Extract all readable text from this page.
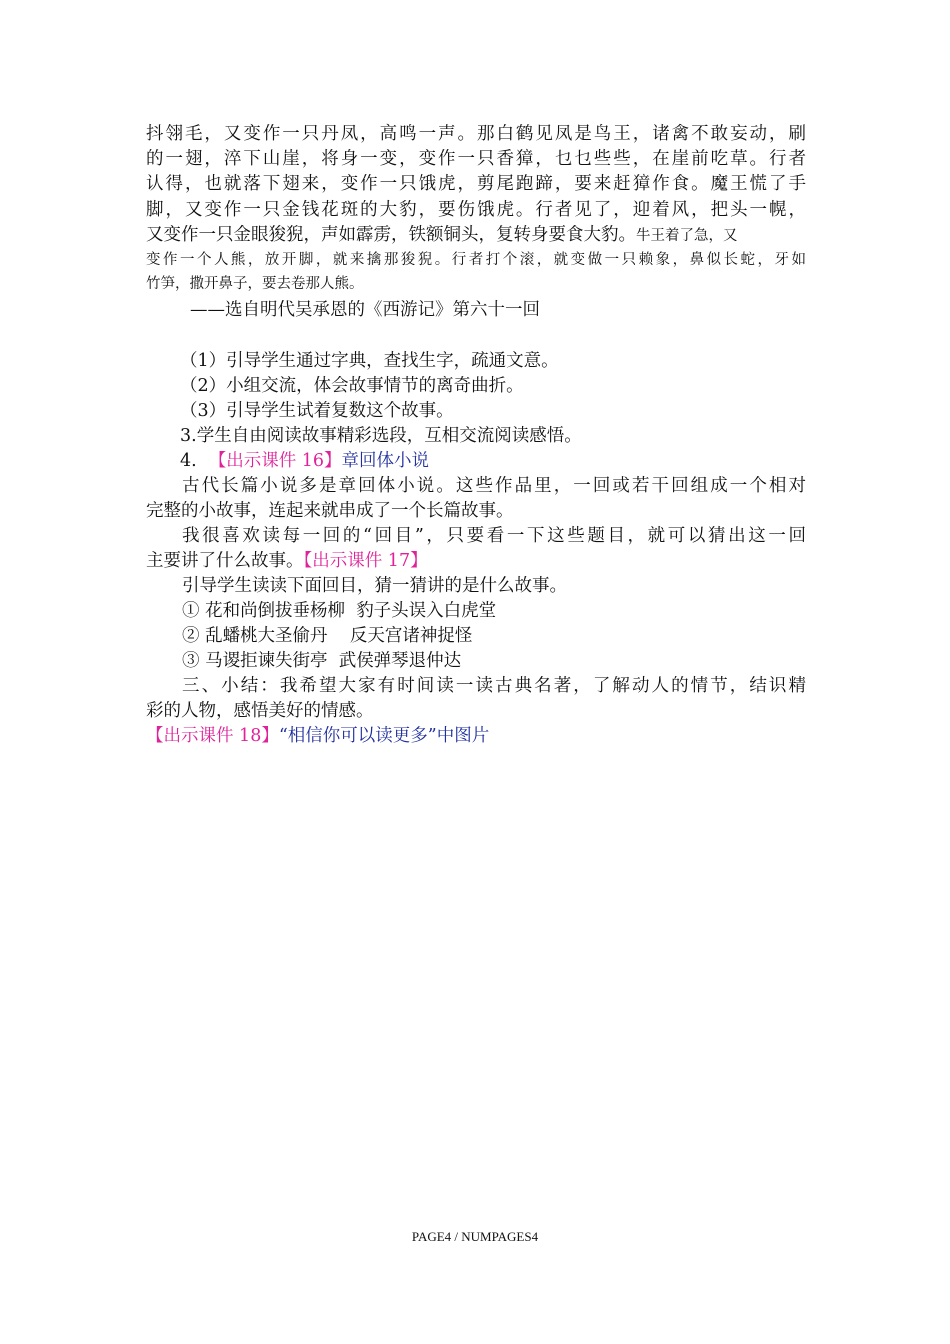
抖翎毛，又变作一只丹凤，高鸣一声。那白鹤见凤是鸟王，诸禽不敢妄动，刷
的一翅，淬下山崖，将身一变，变作一只香獐，乜乜些些，在崖前吃草。行者
认得，也就落下翅来，变作一只饿虎，剪尾跑蹄，要来赶獐作食。魔王慌了手
脚，又变作一只金钱花斑的大豹，要伤饿虎。行者见了，迎着风，把头一幌，
又变作一只金眼狻猊，声如霹雳，铁额铜头，复转身要食大豹。牛王着了急，又
变作一个人熊，放开脚，就来擒那狻猊。行者打个滚，就变做一只赖象，鼻似长蛇，牙如
竹笋，撒开鼻子，要去卷那人熊。
——选自明代吴承恩的《西游记》第六十一回
（1）引导学生通过字典，查找生字，疏通文意。
（2）小组交流，体会故事情节的离奇曲折。
（3）引导学生试着复数这个故事。
3.学生自由阅读故事精彩选段，互相交流阅读感悟。
4. 【出示课件 16】章回体小说
古代长篇小说多是章回体小说。这些作品里，一回或若干回组成一个相对
完整的小故事，连起来就串成了一个长篇故事。
我很喜欢读每一回的“回目”，只要看一下这些题目，就可以猜出这一回
主要讲了什么故事。【出示课件 17】
引导学生读读下面回目，猜一猜讲的是什么故事。
① 花和尚倒拔垂杨柳  豹子头误入白虎堂
② 乱蟠桃大圣偷丹    反天宫诸神捉怪
③ 马谡拒谏失街亭  武侯弹琴退仲达
三、小结：我希望大家有时间读一读古典名著，了解动人的情节，结识精
彩的人物，感悟美好的情感。
【出示课件 18】“相信你可以读更多”中图片
PAGE4 / NUMPAGES4
